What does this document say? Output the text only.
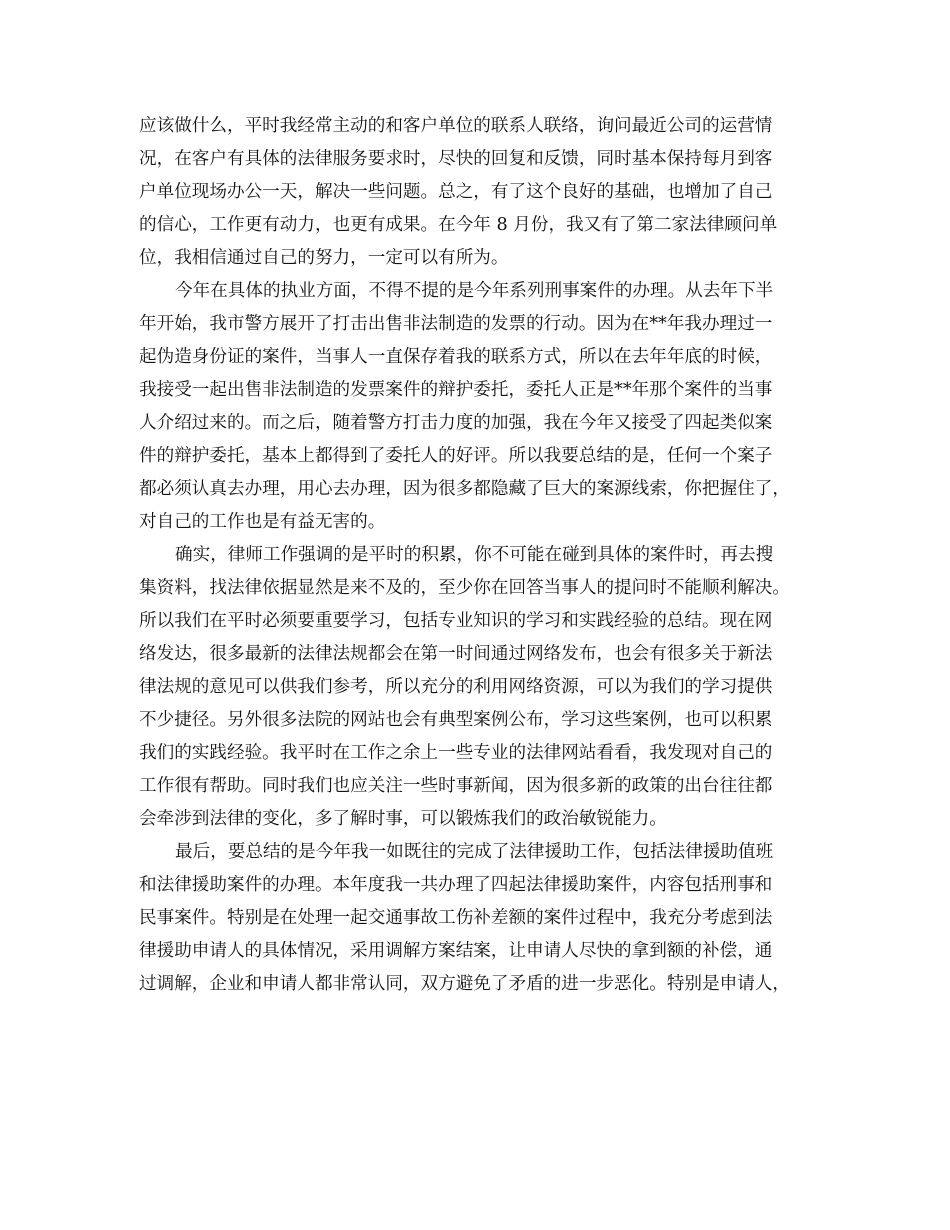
应该做什么，平时我经常主动的和客户单位的联系人联络，询问最近公司的运营情
况，在客户有具体的法律服务要求时，尽快的回复和反馈，同时基本保持每月到客
户单位现场办公一天，解决一些问题。总之，有了这个良好的基础，也增加了自己
的信心，工作更有动力，也更有成果。在今年 8 月份，我又有了第二家法律顾问单
位，我相信通过自己的努力，一定可以有所为。
今年在具体的执业方面，不得不提的是今年系列刑事案件的办理。从去年下半
年开始，我市警方展开了打击出售非法制造的发票的行动。因为在**年我办理过一
起伪造身份证的案件，当事人一直保存着我的联系方式，所以在去年年底的时候，
我接受一起出售非法制造的发票案件的辩护委托，委托人正是**年那个案件的当事
人介绍过来的。而之后，随着警方打击力度的加强，我在今年又接受了四起类似案
件的辩护委托，基本上都得到了委托人的好评。所以我要总结的是，任何一个案子
都必须认真去办理，用心去办理，因为很多都隐藏了巨大的案源线索，你把握住了，
对自己的工作也是有益无害的。
确实，律师工作强调的是平时的积累，你不可能在碰到具体的案件时，再去搜
集资料，找法律依据显然是来不及的，至少你在回答当事人的提问时不能顺利解决。
所以我们在平时必须要重要学习，包括专业知识的学习和实践经验的总结。现在网
络发达，很多最新的法律法规都会在第一时间通过网络发布，也会有很多关于新法
律法规的意见可以供我们参考，所以充分的利用网络资源，可以为我们的学习提供
不少捷径。另外很多法院的网站也会有典型案例公布，学习这些案例，也可以积累
我们的实践经验。我平时在工作之余上一些专业的法律网站看看，我发现对自己的
工作很有帮助。同时我们也应关注一些时事新闻，因为很多新的政策的出台往往都
会牵涉到法律的变化，多了解时事，可以锻炼我们的政治敏锐能力。
最后，要总结的是今年我一如既往的完成了法律援助工作，包括法律援助值班
和法律援助案件的办理。本年度我一共办理了四起法律援助案件，内容包括刑事和
民事案件。特别是在处理一起交通事故工伤补差额的案件过程中，我充分考虑到法
律援助申请人的具体情况，采用调解方案结案，让申请人尽快的拿到额的补偿，通
过调解，企业和申请人都非常认同，双方避免了矛盾的进一步恶化。特别是申请人，
